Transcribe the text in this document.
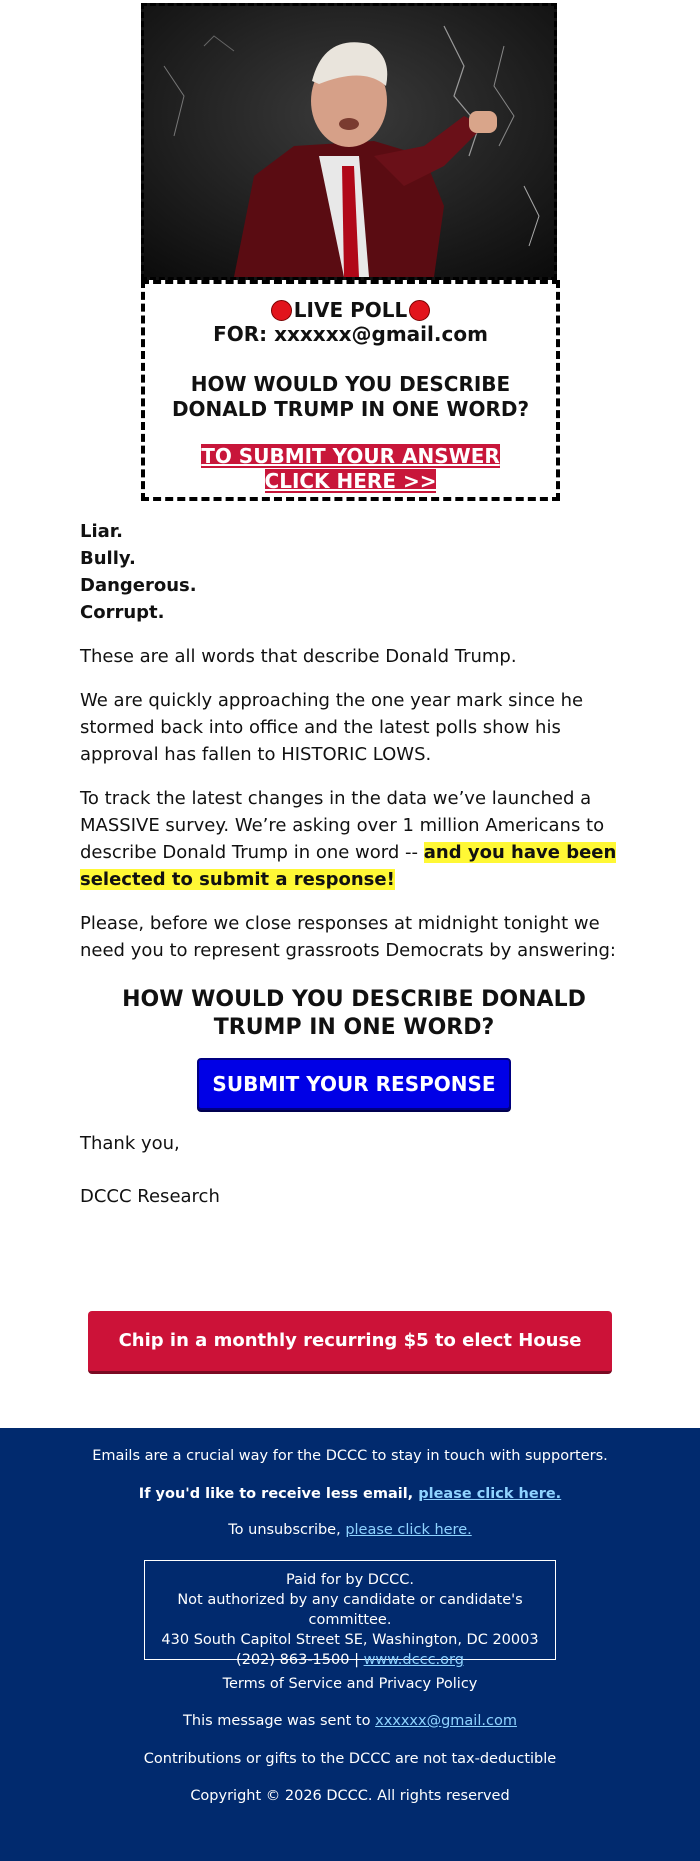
LIVE POLL
FOR: xxxxxx@gmail.com
HOW WOULD YOU DESCRIBE DONALD TRUMP IN ONE WORD?
TO SUBMIT YOUR ANSWER CLICK HERE >>
Liar.
Bully.
Dangerous.
Corrupt.

These are all words that describe Donald Trump.

We are quickly approaching the one year mark since he stormed back into office and the latest polls show his approval has fallen to HISTORIC LOWS.

To track the latest changes in the data we’ve launched a MASSIVE survey. We’re asking over 1 million Americans to describe Donald Trump in one word -- and you have been selected to submit a response!

Please, before we close responses at midnight tonight we need you to represent grassroots Democrats by answering:

HOW WOULD YOU DESCRIBE DONALD TRUMP IN ONE WORD?
SUBMIT YOUR RESPONSE

Thank you,

DCCC Research

Chip in a monthly recurring $5 to elect House Dems >>

Emails are a crucial way for the DCCC to stay in touch with supporters.

If you'd like to receive less email, please click here.

To unsubscribe, please click here.

Paid for by DCCC.
Not authorized by any candidate or candidate's committee.
430 South Capitol Street SE, Washington, DC 20003
(202) 863-1500 | www.dccc.org

Terms of Service and Privacy Policy

This message was sent to xxxxxx@gmail.com

Contributions or gifts to the DCCC are not tax-deductible

Copyright © 2026 DCCC. All rights reserved
